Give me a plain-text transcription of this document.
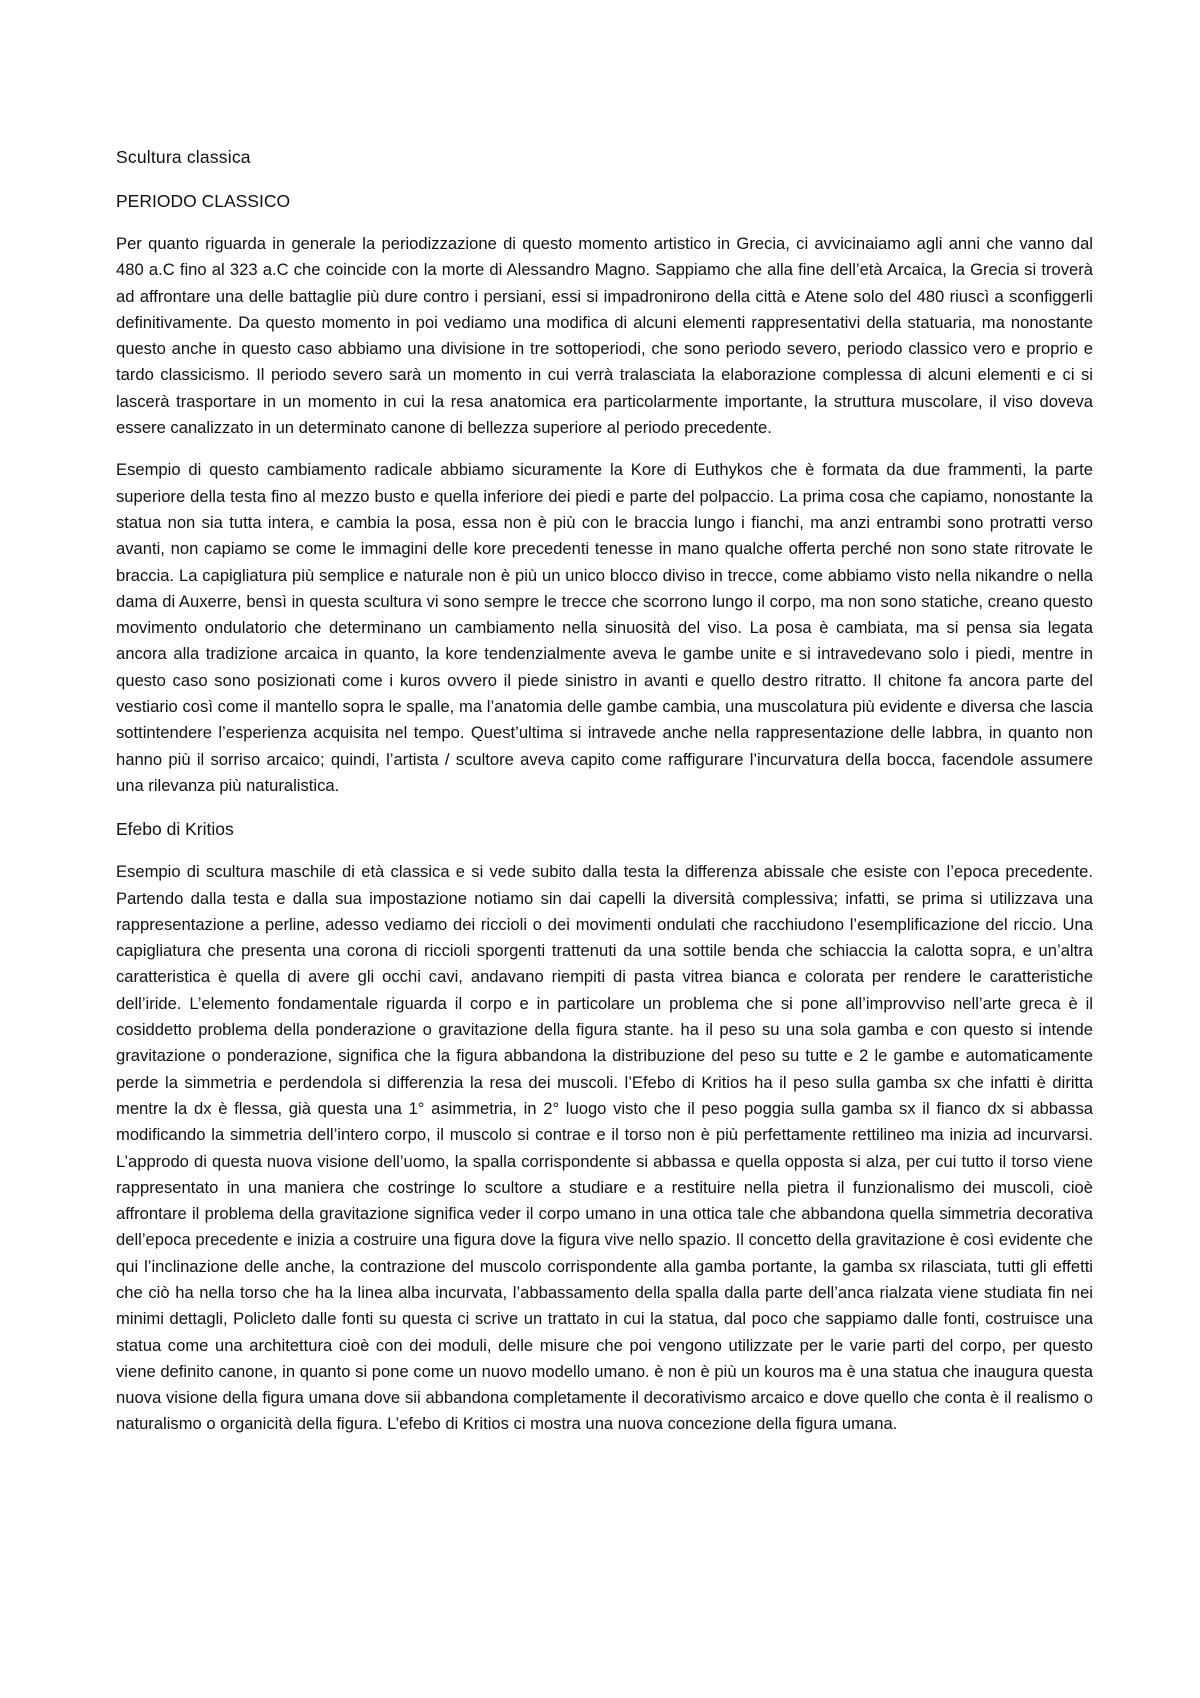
Scultura classica
PERIODO CLASSICO

Per quanto riguarda in generale la periodizzazione di questo momento artistico in Grecia, ci avvicinaiamo agli anni che vanno dal 480 a.C fino al 323 a.C che coincide con la morte di Alessandro Magno. Sappiamo che alla fine dell’età Arcaica, la Grecia si troverà ad affrontare una delle battaglie più dure contro i persiani, essi si impadronirono della città e Atene solo del 480 riuscì a sconfiggerli definitivamente. Da questo momento in poi vediamo una modifica di alcuni elementi rappresentativi della statuaria, ma nonostante questo anche in questo caso abbiamo una divisione in tre sottoperiodi, che sono periodo severo, periodo classico vero e proprio e tardo classicismo. Il periodo severo sarà un momento in cui verrà tralasciata la elaborazione complessa di alcuni elementi e ci si lascerà trasportare in un momento in cui la resa anatomica era particolarmente importante, la struttura muscolare, il viso doveva essere canalizzato in un determinato canone di bellezza superiore al periodo precedente.

Esempio di questo cambiamento radicale abbiamo sicuramente la Kore di Euthykos che è formata da due frammenti, la parte superiore della testa fino al mezzo busto e quella inferiore dei piedi e parte del polpaccio. La prima cosa che capiamo, nonostante la statua non sia tutta intera, e cambia la posa, essa non è più con le braccia lungo i fianchi, ma anzi entrambi sono protratti verso avanti, non capiamo se come le immagini delle kore precedenti tenesse in mano qualche offerta perché non sono state ritrovate le braccia. La capigliatura più semplice e naturale non è più un unico blocco diviso in trecce, come abbiamo visto nella nikandre o nella dama di Auxerre, bensì in questa scultura vi sono sempre le trecce che scorrono lungo il corpo, ma non sono statiche, creano questo movimento ondulatorio che determinano un cambiamento nella sinuosità del viso. La posa è cambiata, ma si pensa sia legata ancora alla tradizione arcaica in quanto, la kore tendenzialmente aveva le gambe unite e si intravedevano solo i piedi, mentre in questo caso sono posizionati come i kuros ovvero il piede sinistro in avanti e quello destro ritratto. Il chitone fa ancora parte del vestiario così come il mantello sopra le spalle, ma l’anatomia delle gambe cambia, una muscolatura più evidente e diversa che lascia sottintendere l’esperienza acquisita nel tempo. Quest’ultima si intravede anche nella rappresentazione delle labbra, in quanto non hanno più il sorriso arcaico; quindi, l’artista / scultore aveva capito come raffigurare l’incurvatura della bocca, facendole assumere una rilevanza più naturalistica.

Efebo di Kritios

Esempio di scultura maschile di età classica e si vede subito dalla testa la differenza abissale che esiste con l’epoca precedente. Partendo dalla testa e dalla sua impostazione notiamo sin dai capelli la diversità complessiva; infatti, se prima si utilizzava una rappresentazione a perline, adesso vediamo dei riccioli o dei movimenti ondulati che racchiudono l’esemplificazione del riccio. Una capigliatura che presenta una corona di riccioli sporgenti trattenuti da una sottile benda che schiaccia la calotta sopra, e un’altra caratteristica è quella di avere gli occhi cavi, andavano riempiti di pasta vitrea bianca e colorata per rendere le caratteristiche dell’iride. L’elemento fondamentale riguarda il corpo e in particolare un problema che si pone all’improvviso nell’arte greca è il cosiddetto problema della ponderazione o gravitazione della figura stante. ha il peso su una sola gamba e con questo si intende gravitazione o ponderazione, significa che la figura abbandona la distribuzione del peso su tutte e 2 le gambe e automaticamente perde la simmetria e perdendola si differenzia la resa dei muscoli. l’Efebo di Kritios ha il peso sulla gamba sx che infatti è diritta mentre la dx è flessa, già questa una 1° asimmetria, in 2° luogo visto che il peso poggia sulla gamba sx il fianco dx si abbassa modificando la simmetria dell’intero corpo, il muscolo si contrae e il torso non è più perfettamente rettilineo ma inizia ad incurvarsi. L’approdo di questa nuova visione dell’uomo, la spalla corrispondente si abbassa e quella opposta si alza, per cui tutto il torso viene rappresentato in una maniera che costringe lo scultore a studiare e a restituire nella pietra il funzionalismo dei muscoli, cioè affrontare il problema della gravitazione significa veder il corpo umano in una ottica tale che abbandona quella simmetria decorativa dell’epoca precedente e inizia a costruire una figura dove la figura vive nello spazio. Il concetto della gravitazione è così evidente che qui l’inclinazione delle anche, la contrazione del muscolo corrispondente alla gamba portante, la gamba sx rilasciata, tutti gli effetti che ciò ha nella torso che ha la linea alba incurvata, l’abbassamento della spalla dalla parte dell’anca rialzata viene studiata fin nei minimi dettagli, Policleto dalle fonti su questa ci scrive un trattato in cui la statua, dal poco che sappiamo dalle fonti, costruisce una statua come una architettura cioè con dei moduli, delle misure che poi vengono utilizzate per le varie parti del corpo, per questo viene definito canone, in quanto si pone come un nuovo modello umano. è non è più un kouros ma è una statua che inaugura questa nuova visione della figura umana dove sii abbandona completamente il decorativismo arcaico e dove quello che conta è il realismo o naturalismo o organicità della figura. L’efebo di Kritios ci mostra una nuova concezione della figura umana.
